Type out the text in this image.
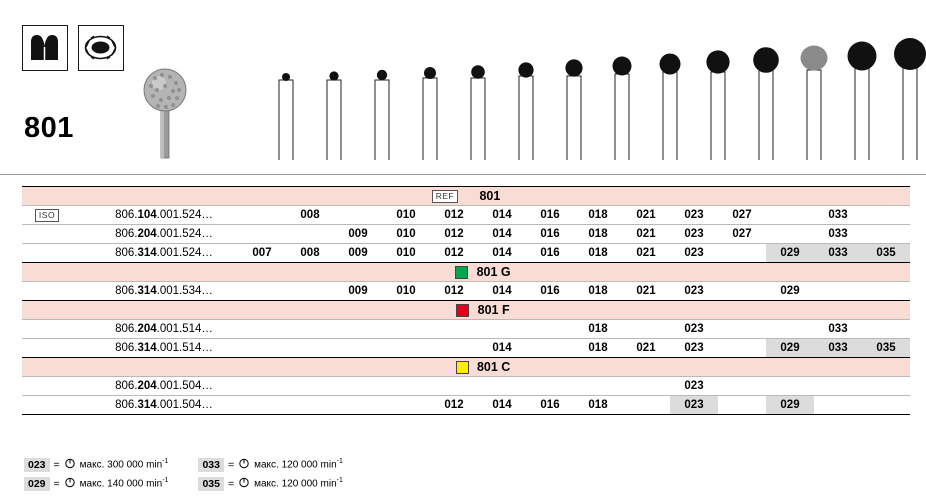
801
REF 801																
ISO		806.104.001.524…		008		010	012	014	016	018	021	023	027		033	
		806.204.001.524…			009	010	012	014	016	018	021	023	027		033	
		806.314.001.524…	007	008	009	010	012	014	016	018	021	023		029	033	035
801 G																
		806.314.001.534…			009	010	012	014	016	018	021	023		029		
801 F																
		806.204.001.514…								018		023			033	
		806.314.001.514…						014		018	021	023		029	033	035
801 C																
		806.204.001.504…										023				
		806.314.001.504…					012	014	016	018		023		029		

023 = макс. 300 000 $\min^{-1}$	033 = макс. 120 000 $\min^{-1}$
029 = макс. 140 000 $\min^{-1}$	035 = макс. 120 000 $\min^{-1}$
